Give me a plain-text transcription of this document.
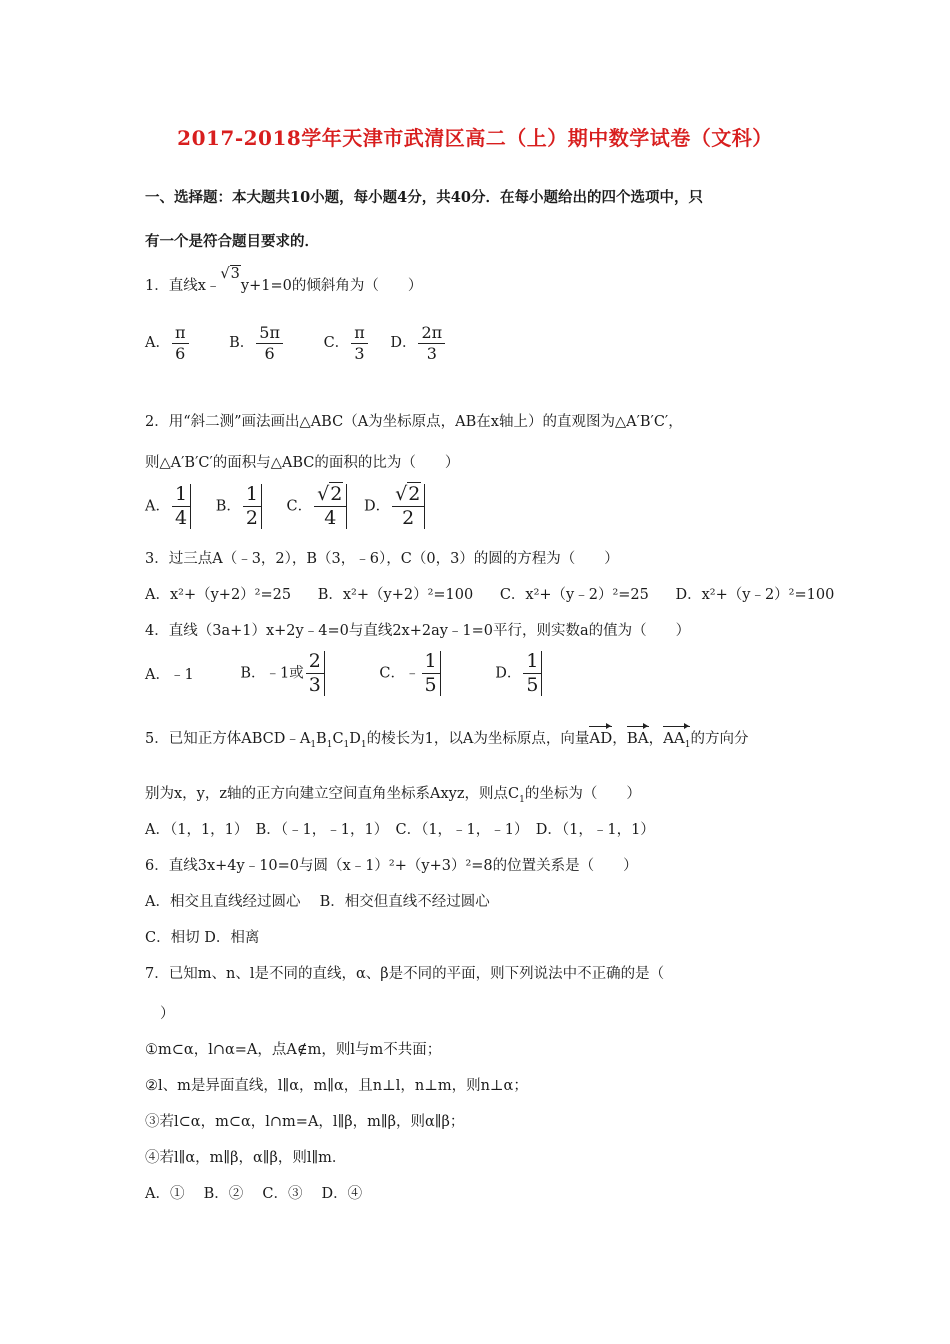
2017-2018学年天津市武清区高二（上）期中数学试卷（文科）
一、选择题：本大题共10小题，每小题4分，共40分．在每小题给出的四个选项中，只
有一个是符合题目要求的．
1．直线x﹣√3y+1=0的倾斜角为（　　）
A． $\frac{\pi}{6}$	B． $\frac{5\pi}{6}$	C． $\frac{\pi}{3}$ D． $\frac{2\pi}{3}$
2．用“斜二测”画法画出△ABC（A为坐标原点，AB在x轴上）的直观图为△A′B′C′，
则△A′B′C′的面积与△ABC的面积的比为（　　）
A． $\frac{1}{4}$ B． $\frac{1}{2}$ C． $\frac{√2}{4}$ D． $\frac{√2}{2}$
3．过三点A（﹣3，2），B（3，﹣6），C（0，3）的圆的方程为（　　）
A．x²+（y+2）²=25 B．x²+（y+2）²=100 C．x²+（y﹣2）²=25 D．x²+（y﹣2）²=100
4．直线（3a+1）x+2y﹣4=0与直线2x+2ay﹣1=0平行，则实数a的值为（　　）
A．﹣1	B．﹣1或 $\frac{2}{3}$	C．﹣ $\frac{1}{5}$	D． $\frac{1}{5}$
5．已知正方体$ABCD﹣A_1B_1C_1D_1$的棱长为1，以A为坐标原点，向量AD，BA，$AA_1$的方向分
别为x，y，z轴的正方向建立空间直角坐标系Axyz，则点$C_1$的坐标为（　　）
A．（1，1，1）　B．（﹣1，﹣1，1）　C．（1，﹣1，﹣1）　D．（1，﹣1，1）
6．直线3x+4y﹣10=0与圆（x﹣1）²+（y+3）²=8的位置关系是（　　）
A．相交且直线经过圆心　 B．相交但直线不经过圆心
C．相切 D．相离
7．已知m、n、l是不同的直线，α、β是不同的平面，则下列说法中不正确的是（
）
①m⊂α，l∩α=A，点A∉m，则l与m不共面；
②l、m是异面直线，l∥α，m∥α，且n⊥l，n⊥m，则n⊥α；
③若l⊂α，m⊂α，l∩m=A，l∥β，m∥β，则α∥β；
④若l∥α，m∥β，α∥β，则l∥m．
A．①　 B．②　 C．③　 D．④
